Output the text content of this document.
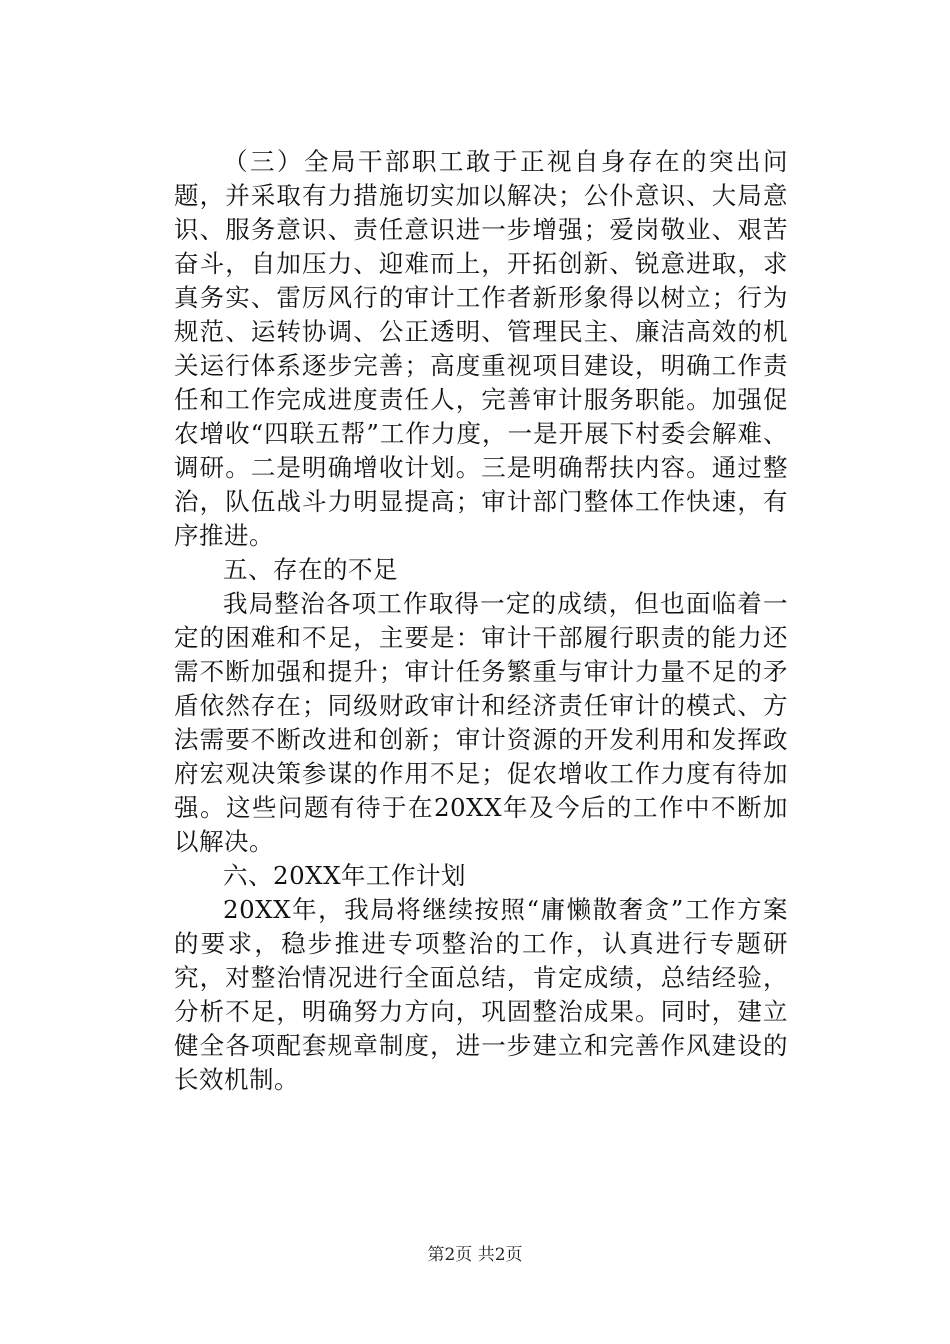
（三）全局干部职工敢于正视自身存在的突出问题，并采取有力措施切实加以解决；公仆意识、大局意识、服务意识、责任意识进一步增强；爱岗敬业、艰苦奋斗，自加压力、迎难而上，开拓创新、锐意进取，求真务实、雷厉风行的审计工作者新形象得以树立；行为规范、运转协调、公正透明、管理民主、廉洁高效的机关运行体系逐步完善；高度重视项目建设，明确工作责任和工作完成进度责任人，完善审计服务职能。加强促农增收“四联五帮”工作力度，一是开展下村委会解难、调研。二是明确增收计划。三是明确帮扶内容。通过整治，队伍战斗力明显提高；审计部门整体工作快速，有序推进。

五、存在的不足

我局整治各项工作取得一定的成绩，但也面临着一定的困难和不足，主要是：审计干部履行职责的能力还需不断加强和提升；审计任务繁重与审计力量不足的矛盾依然存在；同级财政审计和经济责任审计的模式、方法需要不断改进和创新；审计资源的开发利用和发挥政府宏观决策参谋的作用不足；促农增收工作力度有待加强。这些问题有待于在20XX年及今后的工作中不断加以解决。

六、20XX年工作计划

20XX年，我局将继续按照“庸懒散奢贪”工作方案的要求，稳步推进专项整治的工作，认真进行专题研究，对整治情况进行全面总结，肯定成绩，总结经验，分析不足，明确努力方向，巩固整治成果。同时，建立健全各项配套规章制度，进一步建立和完善作风建设的长效机制。

第2页 共2页
